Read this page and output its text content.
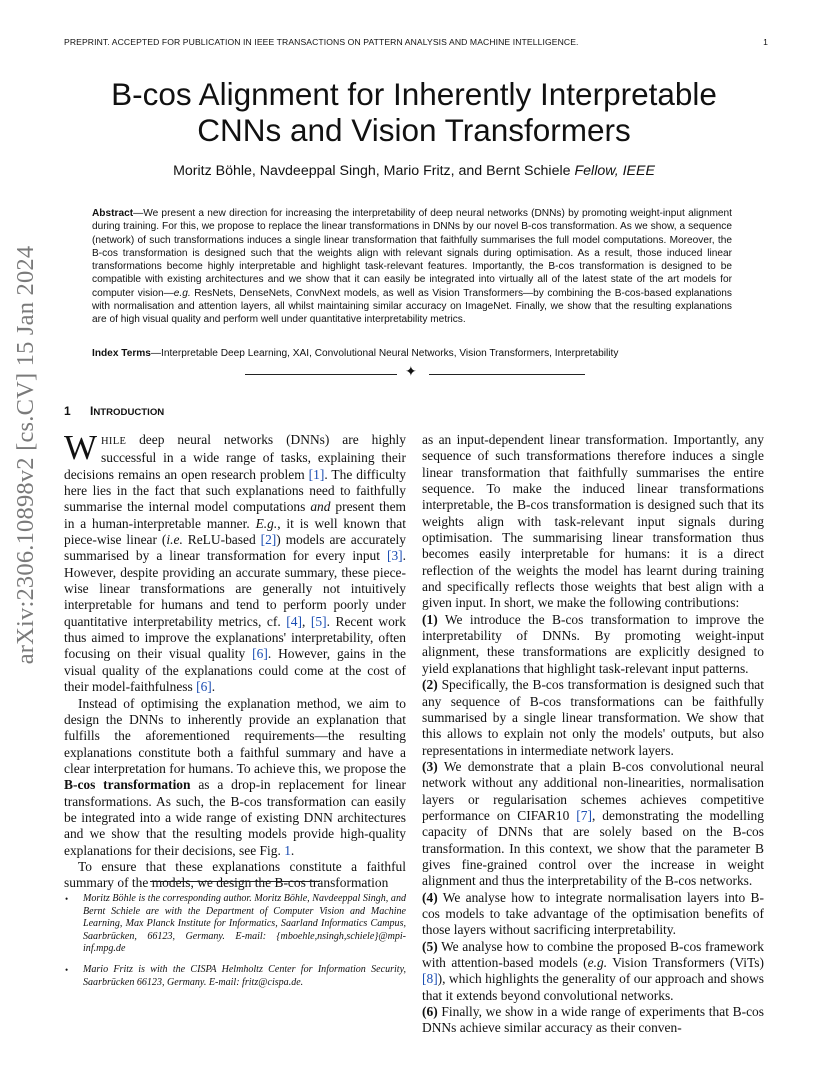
PREPRINT. ACCEPTED FOR PUBLICATION IN IEEE TRANSACTIONS ON PATTERN ANALYSIS AND MACHINE INTELLIGENCE.	1
arXiv:2306.10898v2 [cs.CV] 15 Jan 2024
B-cos Alignment for Inherently Interpretable
CNNs and Vision Transformers
Moritz Böhle, Navdeeppal Singh, Mario Fritz, and Bernt Schiele Fellow, IEEE
Abstract—We present a new direction for increasing the interpretability of deep neural networks (DNNs) by promoting weight-input alignment during training. For this, we propose to replace the linear transformations in DNNs by our novel B-cos transformation. As we show, a sequence (network) of such transformations induces a single linear transformation that faithfully summarises the full model computations. Moreover, the B-cos transformation is designed such that the weights align with relevant signals during optimisation. As a result, those induced linear transformations become highly interpretable and highlight task-relevant features. Importantly, the B-cos transformation is designed to be compatible with existing architectures and we show that it can easily be integrated into virtually all of the latest state of the art models for computer vision—e.g. ResNets, DenseNets, ConvNext models, as well as Vision Transformers—by combining the B-cos-based explanations with normalisation and attention layers, all whilst maintaining similar accuracy on ImageNet. Finally, we show that the resulting explanations are of high visual quality and perform well under quantitative interpretability metrics.
Index Terms—Interpretable Deep Learning, XAI, Convolutional Neural Networks, Vision Transformers, Interpretability
✦
1 INTRODUCTION

WHILE deep neural networks (DNNs) are highly successful in a wide range of tasks, explaining their decisions remains an open research problem [1]. The difficulty here lies in the fact that such explanations need to faithfully summarise the internal model computations and present them in a human-interpretable manner. E.g., it is well known that piece-wise linear (i.e. ReLU-based [2]) models are accurately summarised by a linear transformation for every input [3]. However, despite providing an accurate summary, these piece-wise linear transformations are generally not intuitively interpretable for humans and tend to perform poorly under quantitative interpretability metrics, cf. [4], [5]. Recent work thus aimed to improve the explanations' interpretability, often focusing on their visual quality [6]. However, gains in the visual quality of the explanations could come at the cost of their model-faithfulness [6].

Instead of optimising the explanation method, we aim to design the DNNs to inherently provide an explanation that fulfills the aforementioned requirements—the resulting explanations constitute both a faithful summary and have a clear interpretation for humans. To achieve this, we propose the B-cos transformation as a drop-in replacement for linear transformations. As such, the B-cos transformation can easily be integrated into a wide range of existing DNN architectures and we show that the resulting models provide high-quality explanations for their decisions, see Fig. 1.

To ensure that these explanations constitute a faithful summary of the models, we design the B-cos transformation

as an input-dependent linear transformation. Importantly, any sequence of such transformations therefore induces a single linear transformation that faithfully summarises the entire sequence. To make the induced linear transformations interpretable, the B-cos transformation is designed such that its weights align with task-relevant input signals during optimisation. The summarising linear transformation thus becomes easily interpretable for humans: it is a direct reflection of the weights the model has learnt during training and specifically reflects those weights that best align with a given input. In short, we make the following contributions:

(1) We introduce the B-cos transformation to improve the interpretability of DNNs. By promoting weight-input alignment, these transformations are explicitly designed to yield explanations that highlight task-relevant input patterns.

(2) Specifically, the B-cos transformation is designed such that any sequence of B-cos transformations can be faithfully summarised by a single linear transformation. We show that this allows to explain not only the models' outputs, but also representations in intermediate network layers.

(3) We demonstrate that a plain B-cos convolutional neural network without any additional non-linearities, normalisation layers or regularisation schemes achieves competitive performance on CIFAR10 [7], demonstrating the modelling capacity of DNNs that are solely based on the B-cos transformation. In this context, we show that the parameter B gives fine-grained control over the increase in weight alignment and thus the interpretability of the B-cos networks.

(4) We analyse how to integrate normalisation layers into B-cos models to take advantage of the optimisation benefits of those layers without sacrificing interpretability.

(5) We analyse how to combine the proposed B-cos framework with attention-based models (e.g. Vision Transformers (ViTs) [8]), which highlights the generality of our approach and shows that it extends beyond convolutional networks.

(6) Finally, we show in a wide range of experiments that B-cos DNNs achieve similar accuracy as their conven-

• Moritz Böhle is the corresponding author. Moritz Böhle, Navdeeppal Singh, and Bernt Schiele are with the Department of Computer Vision and Machine Learning, Max Planck Institute for Informatics, Saarland Informatics Campus, Saarbrücken, 66123, Germany. E-mail: {mboehle,nsingh,schiele}@mpi-inf.mpg.de
• Mario Fritz is with the CISPA Helmholtz Center for Information Security, Saarbrücken 66123, Germany. E-mail: fritz@cispa.de.
